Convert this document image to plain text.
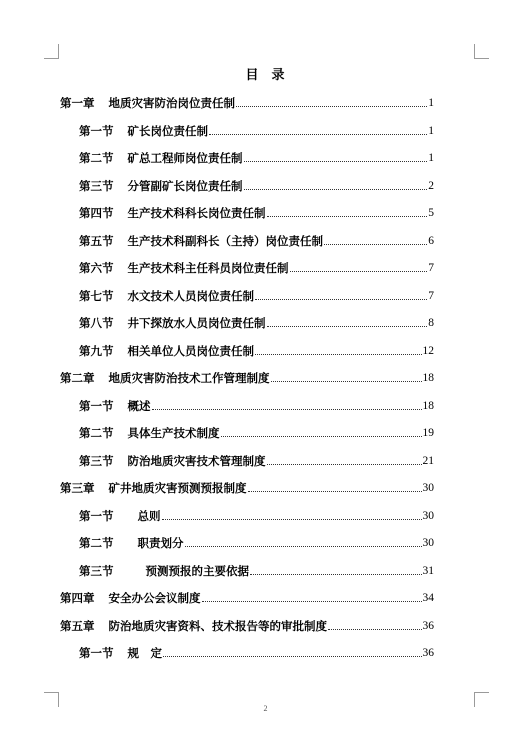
目 录
第一章 地质灾害防治岗位责任制	1
第一节 矿长岗位责任制	1
第二节 矿总工程师岗位责任制	1
第三节 分管副矿长岗位责任制	2
第四节 生产技术科科长岗位责任制	5
第五节 生产技术科副科长（主持）岗位责任制	6
第六节 生产技术科主任科员岗位责任制	7
第七节 水文技术人员岗位责任制	7
第八节 井下探放水人员岗位责任制	8
第九节 相关单位人员岗位责任制	12
第二章 地质灾害防治技术工作管理制度	18
第一节 概述	18
第二节 具体生产技术制度	19
第三节 防治地质灾害技术管理制度	21
第三章 矿井地质灾害预测预报制度	30
第一节 总则	30
第二节 职责划分	30
第三节	预测预报的主要依据	31
第四章 安全办公会议制度	34
第五章 防治地质灾害资料、技术报告等的审批制度	36
第一节 规　定	36
2
